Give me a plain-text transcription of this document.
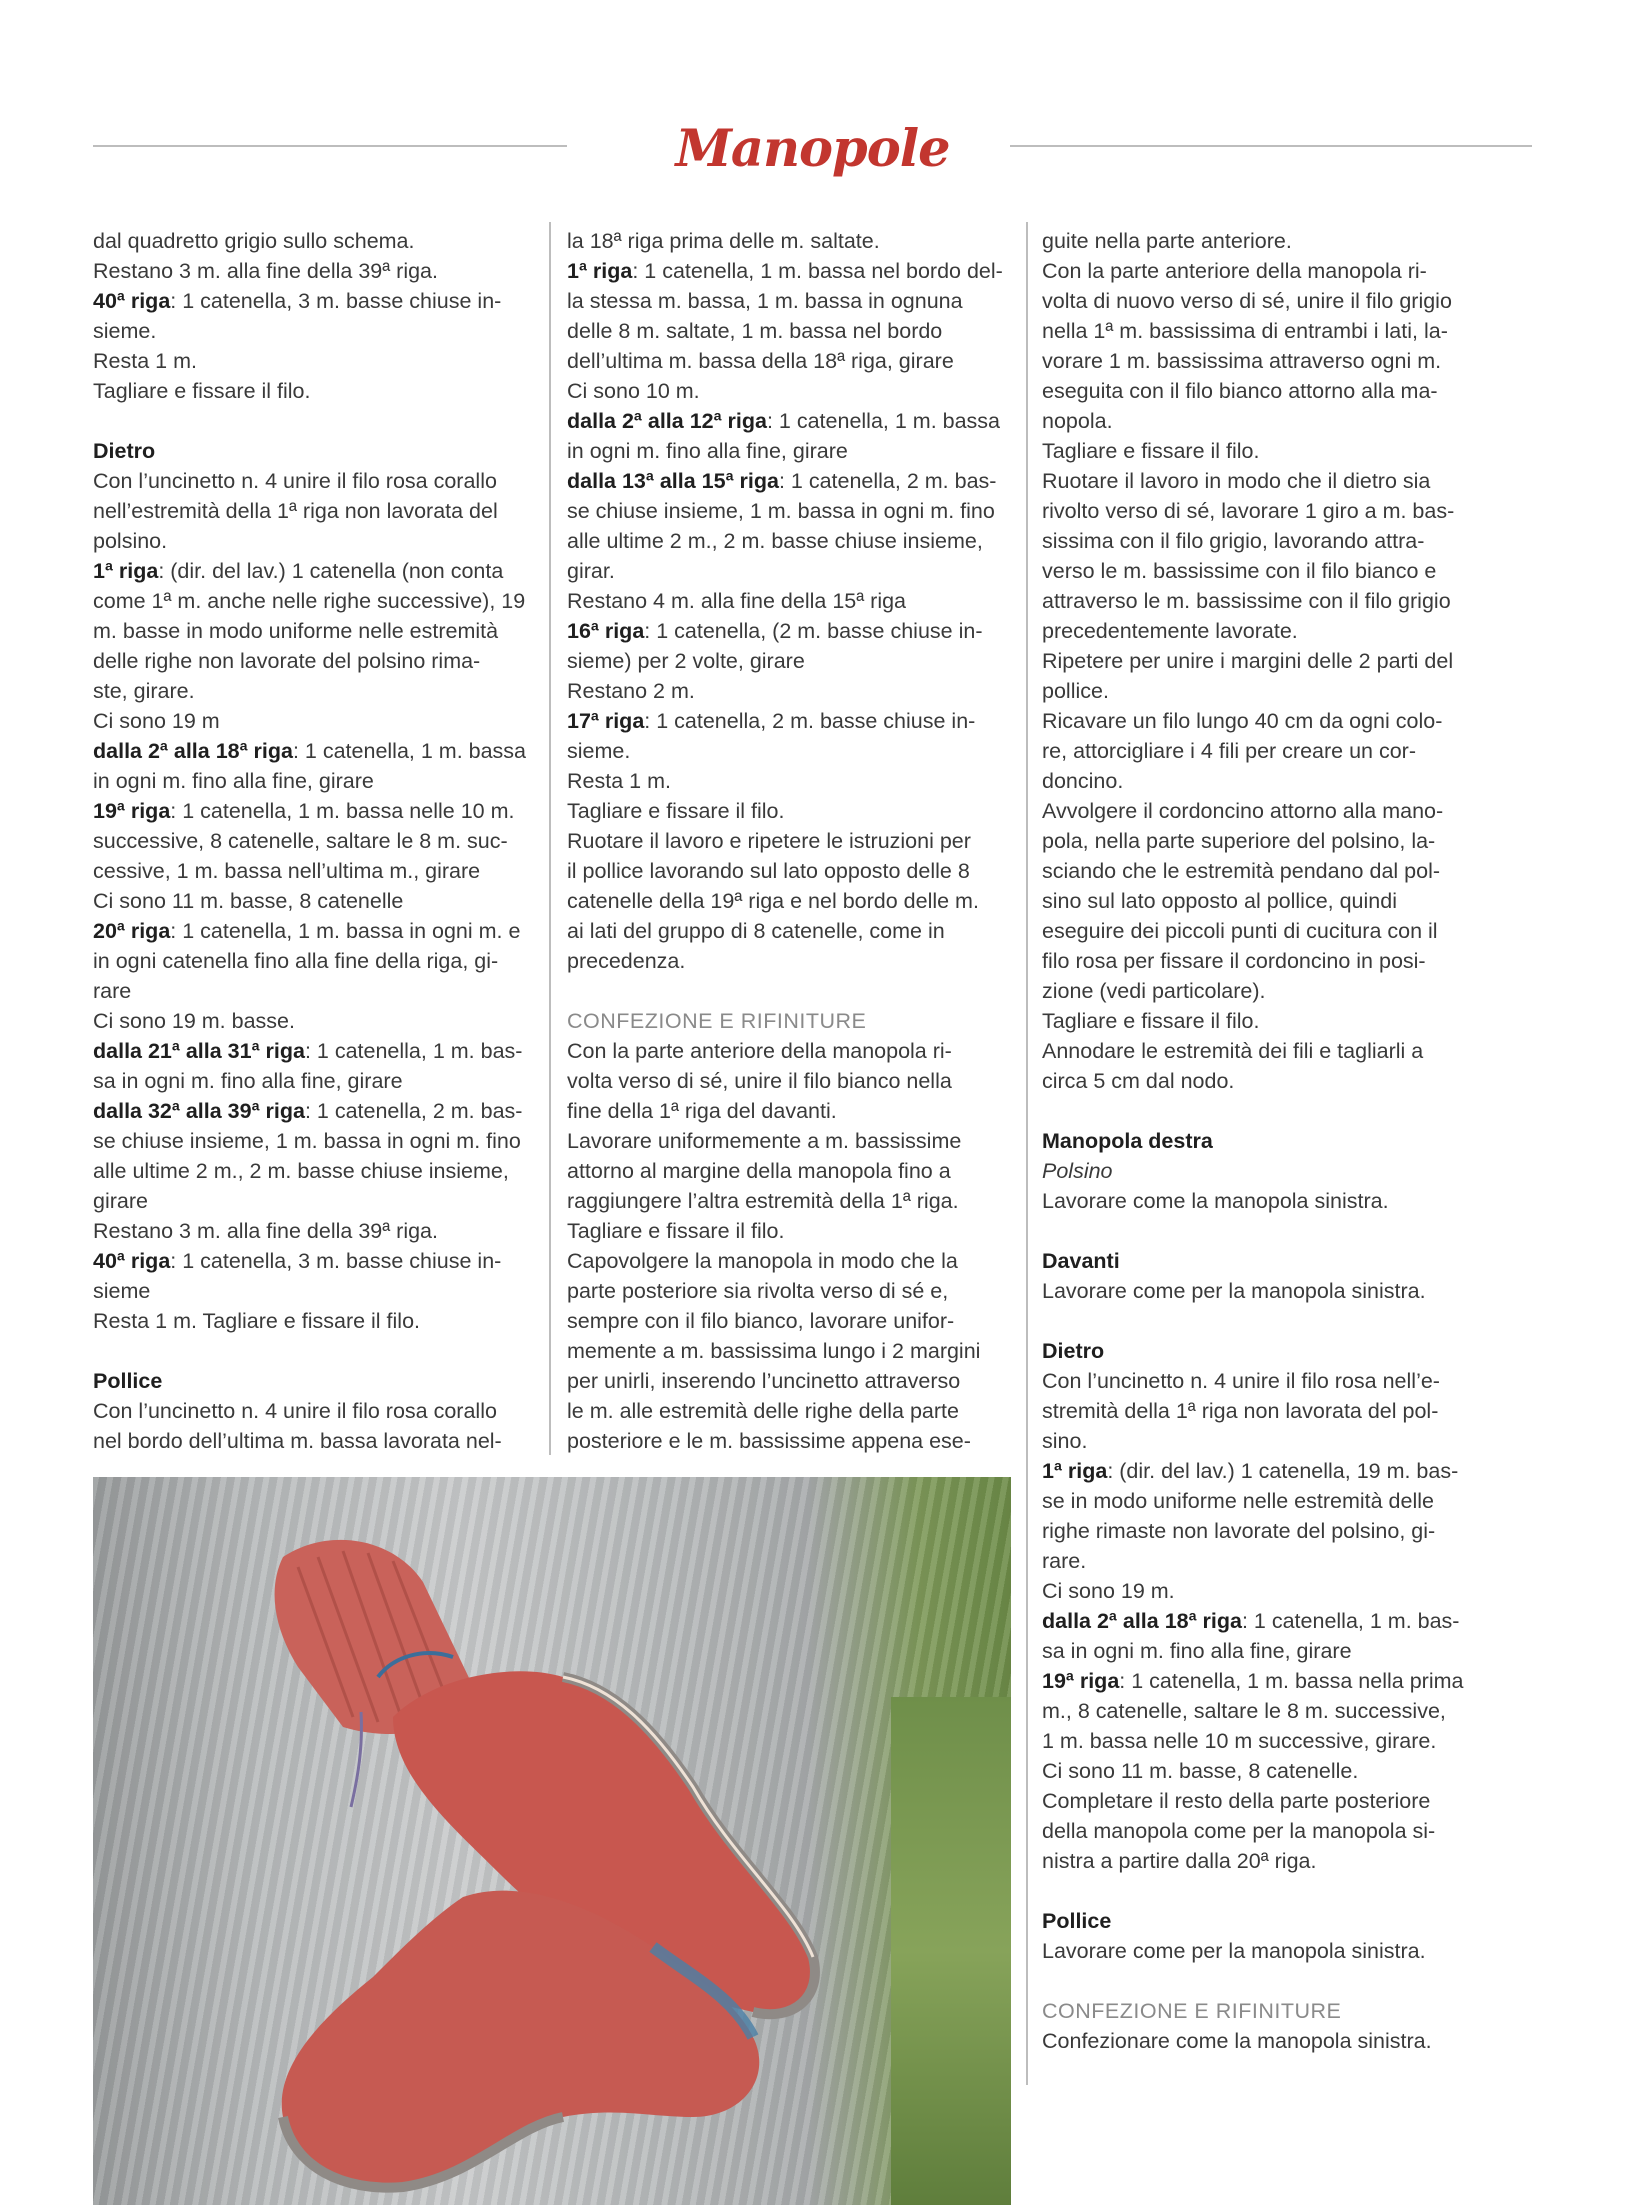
Manopole

dal quadretto grigio sullo schema.

Restano 3 m. alla fine della 39ª riga.

40ª riga: 1 catenella, 3 m. basse chiuse in-

sieme.

Resta 1 m.

Tagliare e fissare il filo.

Dietro

Con l’uncinetto n. 4 unire il filo rosa corallo

nell’estremità della 1ª riga non lavorata del

polsino.

1ª riga: (dir. del lav.) 1 catenella (non conta

come 1ª m. anche nelle righe successive), 19

m. basse in modo uniforme nelle estremità

delle righe non lavorate del polsino rima-

ste, girare.

Ci sono 19 m

dalla 2ª alla 18ª riga: 1 catenella, 1 m. bassa

in ogni m. fino alla fine, girare

19ª riga: 1 catenella, 1 m. bassa nelle 10 m.

successive, 8 catenelle, saltare le 8 m. suc-

cessive, 1 m. bassa nell’ultima m., girare

Ci sono 11 m. basse, 8 catenelle

20ª riga: 1 catenella, 1 m. bassa in ogni m. e

in ogni catenella fino alla fine della riga, gi-

rare

Ci sono 19 m. basse.

dalla 21ª alla 31ª riga: 1 catenella, 1 m. bas-

sa in ogni m. fino alla fine, girare

dalla 32ª alla 39ª riga: 1 catenella, 2 m. bas-

se chiuse insieme, 1 m. bassa in ogni m. fino

alle ultime 2 m., 2 m. basse chiuse insieme,

girare

Restano 3 m. alla fine della 39ª riga.

40ª riga: 1 catenella, 3 m. basse chiuse in-

sieme

Resta 1 m. Tagliare e fissare il filo.

Pollice

Con l’uncinetto n. 4 unire il filo rosa corallo

nel bordo dell’ultima m. bassa lavorata nel-

la 18ª riga prima delle m. saltate.

1ª riga: 1 catenella, 1 m. bassa nel bordo del-

la stessa m. bassa, 1 m. bassa in ognuna

delle 8 m. saltate, 1 m. bassa nel bordo

dell’ultima m. bassa della 18ª riga, girare

Ci sono 10 m.

dalla 2ª alla 12ª riga: 1 catenella, 1 m. bassa

in ogni m. fino alla fine, girare

dalla 13ª alla 15ª riga: 1 catenella, 2 m. bas-

se chiuse insieme, 1 m. bassa in ogni m. fino

alle ultime 2 m., 2 m. basse chiuse insieme,

girar.

Restano 4 m. alla fine della 15ª riga

16ª riga: 1 catenella, (2 m. basse chiuse in-

sieme) per 2 volte, girare

Restano 2 m.

17ª riga: 1 catenella, 2 m. basse chiuse in-

sieme.

Resta 1 m.

Tagliare e fissare il filo.

Ruotare il lavoro e ripetere le istruzioni per

il pollice lavorando sul lato opposto delle 8

catenelle della 19ª riga e nel bordo delle m.

ai lati del gruppo di 8 catenelle, come in

precedenza.

CONFEZIONE E RIFINITURE

Con la parte anteriore della manopola ri-

volta verso di sé, unire il filo bianco nella

fine della 1ª riga del davanti.

Lavorare uniformemente a m. bassissime

attorno al margine della manopola fino a

raggiungere l’altra estremità della 1ª riga.

Tagliare e fissare il filo.

Capovolgere la manopola in modo che la

parte posteriore sia rivolta verso di sé e,

sempre con il filo bianco, lavorare unifor-

memente a m. bassissima lungo i 2 margini

per unirli, inserendo l’uncinetto attraverso

le m. alle estremità delle righe della parte

posteriore e le m. bassissime appena ese-

guite nella parte anteriore.

Con la parte anteriore della manopola ri-

volta di nuovo verso di sé, unire il filo grigio

nella 1ª m. bassissima di entrambi i lati, la-

vorare 1 m. bassissima attraverso ogni m.

eseguita con il filo bianco attorno alla ma-

nopola.

Tagliare e fissare il filo.

Ruotare il lavoro in modo che il dietro sia

rivolto verso di sé, lavorare 1 giro a m. bas-

sissima con il filo grigio, lavorando attra-

verso le m. bassissime con il filo bianco e

attraverso le m. bassissime con il filo grigio

precedentemente lavorate.

Ripetere per unire i margini delle 2 parti del

pollice.

Ricavare un filo lungo 40 cm da ogni colo-

re, attorcigliare i 4 fili per creare un cor-

doncino.

Avvolgere il cordoncino attorno alla mano-

pola, nella parte superiore del polsino, la-

sciando che le estremità pendano dal pol-

sino sul lato opposto al pollice, quindi

eseguire dei piccoli punti di cucitura con il

filo rosa per fissare il cordoncino in posi-

zione (vedi particolare).

Tagliare e fissare il filo.

Annodare le estremità dei fili e tagliarli a

circa 5 cm dal nodo.

Manopola destra

Polsino

Lavorare come la manopola sinistra.

Davanti

Lavorare come per la manopola sinistra.

Dietro

Con l’uncinetto n. 4 unire il filo rosa nell’e-

stremità della 1ª riga non lavorata del pol-

sino.

1ª riga: (dir. del lav.) 1 catenella, 19 m. bas-

se in modo uniforme nelle estremità delle

righe rimaste non lavorate del polsino, gi-

rare.

Ci sono 19 m.

dalla 2ª alla 18ª riga: 1 catenella, 1 m. bas-

sa in ogni m. fino alla fine, girare

19ª riga: 1 catenella, 1 m. bassa nella prima

m., 8 catenelle, saltare le 8 m. successive,

1 m. bassa nelle 10 m successive, girare.

Ci sono 11 m. basse, 8 catenelle.

Completare il resto della parte posteriore

della manopola come per la manopola si-

nistra a partire dalla 20ª riga.

Pollice

Lavorare come per la manopola sinistra.

CONFEZIONE E RIFINITURE

Confezionare come la manopola sinistra.
